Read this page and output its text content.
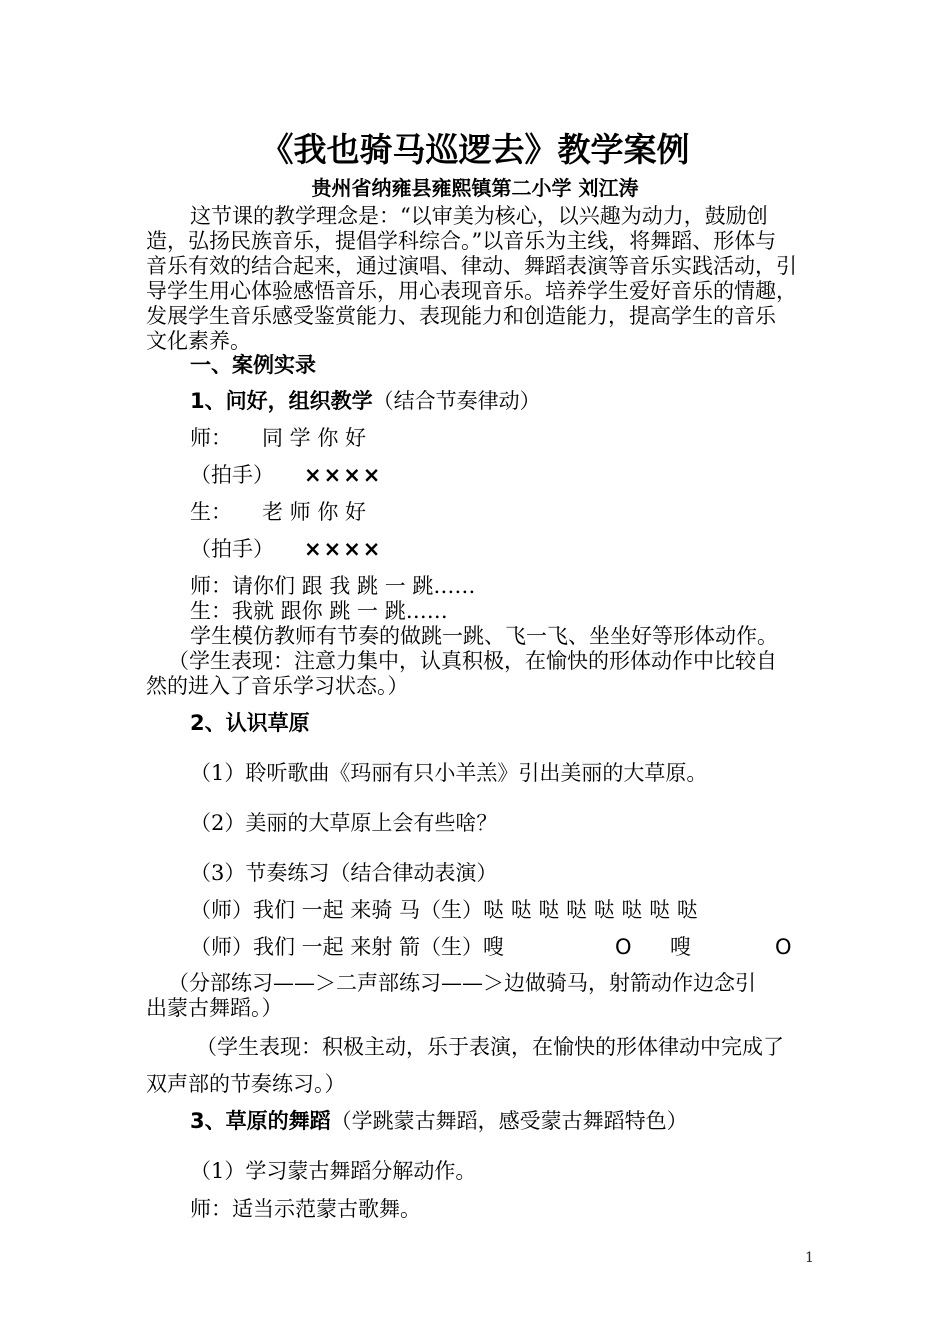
《我也骑马巡逻去》教学案例
贵州省纳雍县雍熙镇第二小学 刘江涛
这节课的教学理念是：“以审美为核心，以兴趣为动力，鼓励创
造，弘扬民族音乐，提倡学科综合。”以音乐为主线，将舞蹈、形体与
音乐有效的结合起来，通过演唱、律动、舞蹈表演等音乐实践活动，引
导学生用心体验感悟音乐，用心表现音乐。培养学生爱好音乐的情趣，
发展学生音乐感受鉴赏能力、表现能力和创造能力，提高学生的音乐
文化素养。
一、案例实录
1、问好，组织教学（结合节奏律动）
师： 同 学 你 好
（拍手） ××××
生： 老 师 你 好
（拍手） ××××
师：请你们 跟 我 跳 一 跳……
生：我就 跟你 跳 一 跳……
学生模仿教师有节奏的做跳一跳、飞一飞、坐坐好等形体动作。
（学生表现：注意力集中，认真积极，在愉快的形体动作中比较自
然的进入了音乐学习状态。）
2、认识草原
（1）聆听歌曲《玛丽有只小羊羔》引出美丽的大草原。
（2）美丽的大草原上会有些啥？
（3）节奏练习（结合律动表演）
（师）我们 一起 来骑 马（生）哒 哒 哒 哒 哒 哒 哒 哒
（师）我们 一起 来射 箭（生）嗖	O 嗖	O
（分部练习——＞二声部练习——＞边做骑马，射箭动作边念引
出蒙古舞蹈。）
（学生表现：积极主动，乐于表演，在愉快的形体律动中完成了
双声部的节奏练习。）
3、草原的舞蹈（学跳蒙古舞蹈，感受蒙古舞蹈特色）
（1）学习蒙古舞蹈分解动作。
师：适当示范蒙古歌舞。
1
